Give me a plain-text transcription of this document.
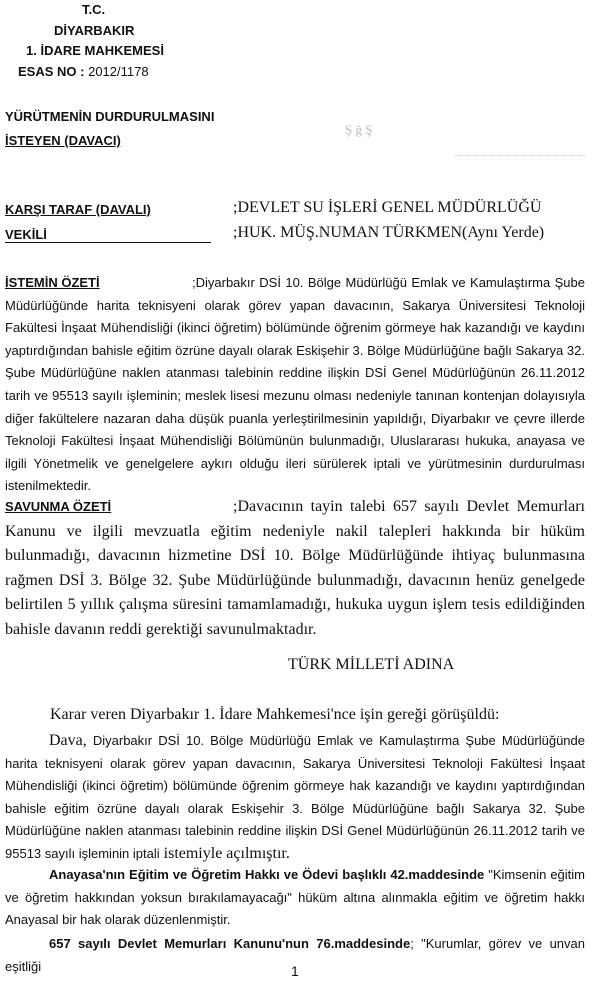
T.C.
DİYARBAKIR
1. İDARE MAHKEMESİ
ESAS NO : 2012/1178
YÜRÜTMENİN DURDURULMASINI
İSTEYEN (DAVACI)
Ş ğ Ş
KARŞI TARAF (DAVALI)	;DEVLET SU İŞLERİ GENEL MÜDÜRLÜĞÜ
VEKİLİ	;HUK. MÜŞ.NUMAN TÜRKMEN(Aynı Yerde)
İSTEMİN ÖZETİ	;Diyarbakır DSİ 10. Bölge Müdürlüğü Emlak ve Kamulaştırma Şube Müdürlüğünde harita teknisyeni olarak görev yapan davacının, Sakarya Üniversitesi Teknoloji Fakültesi İnşaat Mühendisliği (ikinci öğretim) bölümünde öğrenim görmeye hak kazandığı ve kaydını yaptırdığından bahisle eğitim özrüne dayalı olarak Eskişehir 3. Bölge Müdürlüğüne bağlı Sakarya 32. Şube Müdürlüğüne naklen atanması talebinin reddine ilişkin DSİ Genel Müdürlüğünün 26.11.2012 tarih ve 95513 sayılı işleminin; meslek lisesi mezunu olması nedeniyle tanınan kontenjan dolayısıyla diğer fakültelere nazaran daha düşük puanla yerleştirilmesinin yapıldığı, Diyarbakır ve çevre illerde Teknoloji Fakültesi İnşaat Mühendisliği Bölümünün bulunmadığı, Uluslararası hukuka, anayasa ve ilgili Yönetmelik ve genelgelere aykırı olduğu ileri sürülerek iptali ve yürütmesinin durdurulması istenilmektedir.
SAVUNMA ÖZETİ	;Davacının tayin talebi 657 sayılı Devlet Memurları Kanunu ve ilgili mevzuatla eğitim nedeniyle nakil talepleri hakkında bir hüküm bulunmadığı, davacının hizmetine DSİ 10. Bölge Müdürlüğünde ihtiyaç bulunmasına rağmen DSİ 3. Bölge 32. Şube Müdürlüğünde bulunmadığı, davacının henüz genelgede belirtilen 5 yıllık çalışma süresini tamamlamadığı, hukuka uygun işlem tesis edildiğinden bahisle davanın reddi gerektiği savunulmaktadır.
TÜRK MİLLETİ ADINA
Karar veren Diyarbakır 1. İdare Mahkemesi'nce işin gereği görüşüldü:
Dava, Diyarbakır DSİ 10. Bölge Müdürlüğü Emlak ve Kamulaştırma Şube Müdürlüğünde harita teknisyeni olarak görev yapan davacının, Sakarya Üniversitesi Teknoloji Fakültesi İnşaat Mühendisliği (ikinci öğretim) bölümünde öğrenim görmeye hak kazandığı ve kaydını yaptırdığından bahisle eğitim özrüne dayalı olarak Eskişehir 3. Bölge Müdürlüğüne bağlı Sakarya 32. Şube Müdürlüğüne naklen atanması talebinin reddine ilişkin DSİ Genel Müdürlüğünün 26.11.2012 tarih ve 95513 sayılı işleminin iptali istemiyle açılmıştır.
Anayasa'nın Eğitim ve Öğretim Hakkı ve Ödevi başlıklı 42.maddesinde "Kimsenin eğitim ve öğretim hakkından yoksun bırakılamayacağı" hüküm altına alınmakla eğitim ve öğretim hakkı Anayasal bir hak olarak düzenlenmiştir.
657 sayılı Devlet Memurları Kanunu'nun 76.maddesinde; "Kurumlar, görev ve unvan eşitliği	1
